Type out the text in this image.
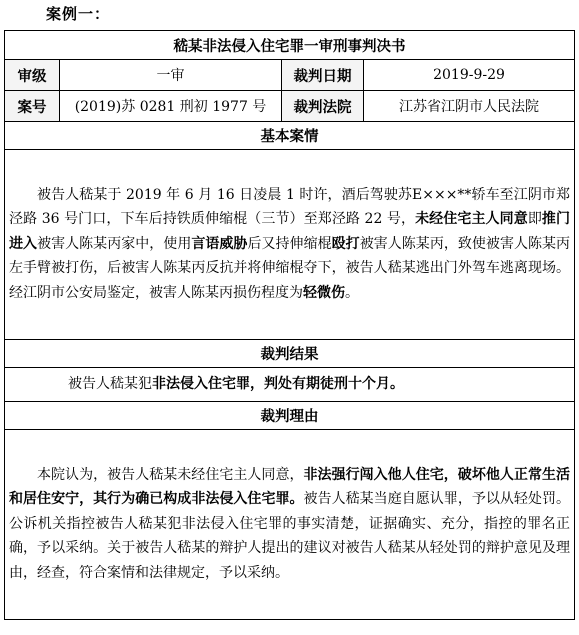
案例一：
嵇某非法侵入住宅罪一审刑事判决书			
审级	一审	裁判日期	2019-9-29
案号	(2019)苏 0281 刑初 1977 号	裁判法院	江苏省江阴市人民法院
基本案情			
被告人嵇某于 2019 年 6 月 16 日凌晨 1 时许，酒后驾驶苏E×××**轿车至江阴市郑泾路 36 号门口，下车后持铁质伸缩棍（三节）至郑泾路 22 号，未经住宅主人同意即推门进入被害人陈某丙家中，使用言语威胁后又持伸缩棍殴打被害人陈某丙，致使被害人陈某丙左手臂被打伤，后被害人陈某丙反抗并将伸缩棍夺下，被告人嵇某逃出门外驾车逃离现场。经江阴市公安局鉴定，被害人陈某丙损伤程度为轻微伤。			
裁判结果			
被告人嵇某犯非法侵入住宅罪，判处有期徒刑十个月。			
裁判理由			
本院认为，被告人嵇某未经住宅主人同意，非法强行闯入他人住宅，破坏他人正常生活和居住安宁，其行为确已构成非法侵入住宅罪。被告人嵇某当庭自愿认罪，予以从轻处罚。公诉机关指控被告人嵇某犯非法侵入住宅罪的事实清楚，证据确实、充分，指控的罪名正确，予以采纳。关于被告人嵇某的辩护人提出的建议对被告人嵇某从轻处罚的辩护意见及理由，经查，符合案情和法律规定，予以采纳。			
